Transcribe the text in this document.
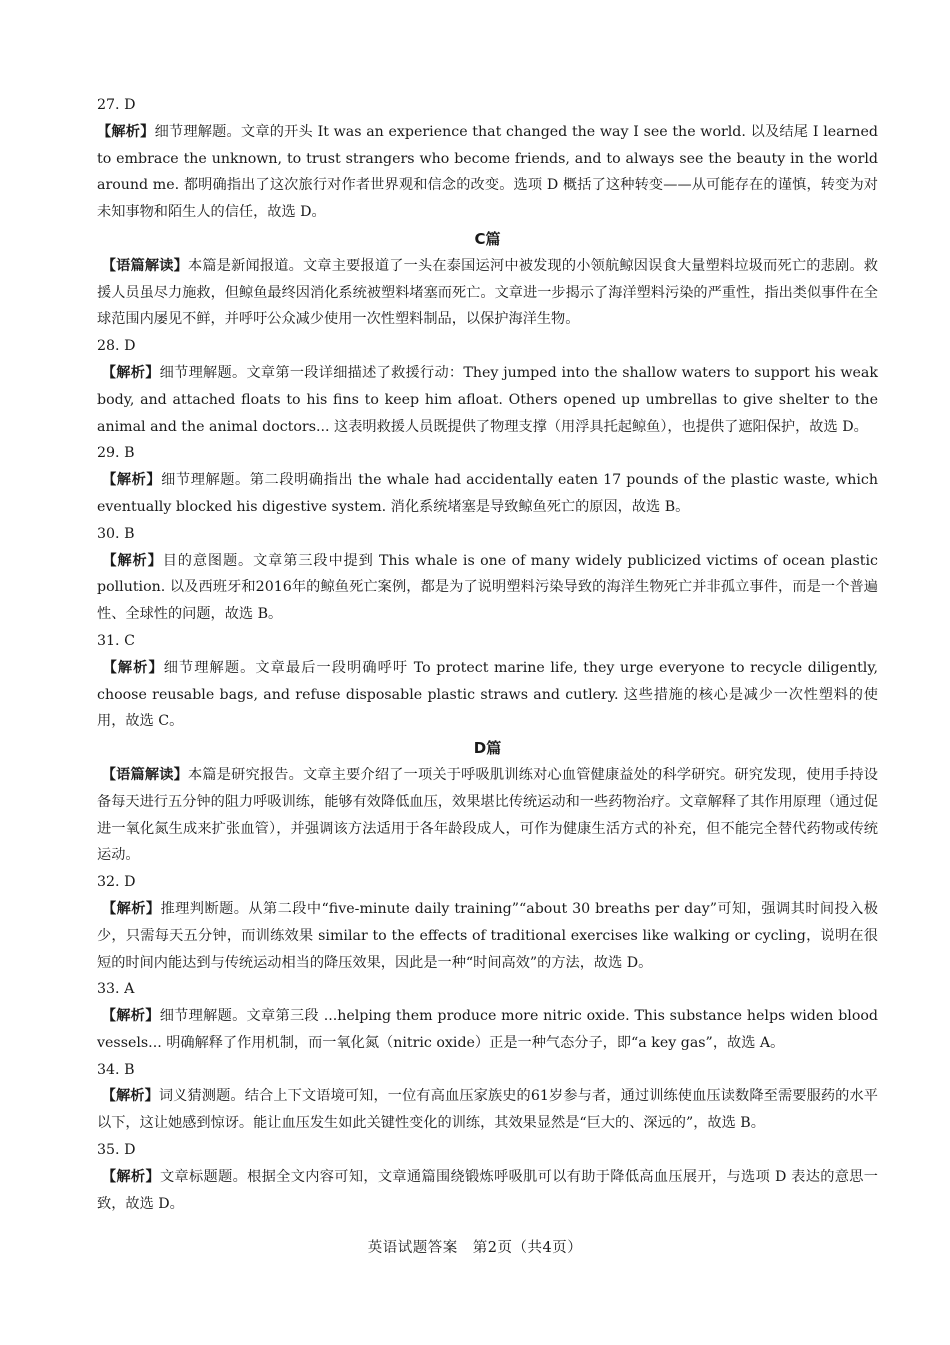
27. D

【解析】细节理解题。文章的开头 It was an experience that changed the way I see the world. 以及结尾 I learned to embrace the unknown, to trust strangers who become friends, and to always see the beauty in the world around me. 都明确指出了这次旅行对作者世界观和信念的改变。选项 D 概括了这种转变——从可能存在的谨慎，转变为对未知事物和陌生人的信任，故选 D。

C篇

【语篇解读】本篇是新闻报道。文章主要报道了一头在泰国运河中被发现的小领航鲸因误食大量塑料垃圾而死亡的悲剧。救援人员虽尽力施救，但鲸鱼最终因消化系统被塑料堵塞而死亡。文章进一步揭示了海洋塑料污染的严重性，指出类似事件在全球范围内屡见不鲜，并呼吁公众减少使用一次性塑料制品，以保护海洋生物。

28. D

【解析】细节理解题。文章第一段详细描述了救援行动：They jumped into the shallow waters to support his weak body, and attached floats to his fins to keep him afloat. Others opened up umbrellas to give shelter to the animal and the animal doctors... 这表明救援人员既提供了物理支撑（用浮具托起鲸鱼），也提供了遮阳保护，故选 D。

29. B

【解析】细节理解题。第二段明确指出 the whale had accidentally eaten 17 pounds of the plastic waste, which eventually blocked his digestive system. 消化系统堵塞是导致鲸鱼死亡的原因，故选 B。

30. B

【解析】目的意图题。文章第三段中提到 This whale is one of many widely publicized victims of ocean plastic pollution. 以及西班牙和2016年的鲸鱼死亡案例，都是为了说明塑料污染导致的海洋生物死亡并非孤立事件，而是一个普遍性、全球性的问题，故选 B。

31. C

【解析】细节理解题。文章最后一段明确呼吁 To protect marine life, they urge everyone to recycle diligently, choose reusable bags, and refuse disposable plastic straws and cutlery. 这些措施的核心是减少一次性塑料的使用，故选 C。

D篇

【语篇解读】本篇是研究报告。文章主要介绍了一项关于呼吸肌训练对心血管健康益处的科学研究。研究发现，使用手持设备每天进行五分钟的阻力呼吸训练，能够有效降低血压，效果堪比传统运动和一些药物治疗。文章解释了其作用原理（通过促进一氧化氮生成来扩张血管），并强调该方法适用于各年龄段成人，可作为健康生活方式的补充，但不能完全替代药物或传统运动。

32. D

【解析】推理判断题。从第二段中“five-minute daily training”“about 30 breaths per day”可知，强调其时间投入极少，只需每天五分钟，而训练效果 similar to the effects of traditional exercises like walking or cycling，说明在很短的时间内能达到与传统运动相当的降压效果，因此是一种“时间高效”的方法，故选 D。

33. A

【解析】细节理解题。文章第三段 ...helping them produce more nitric oxide. This substance helps widen blood vessels... 明确解释了作用机制，而一氧化氮（nitric oxide）正是一种气态分子，即“a key gas”，故选 A。

34. B

【解析】词义猜测题。结合上下文语境可知，一位有高血压家族史的61岁参与者，通过训练使血压读数降至需要服药的水平以下，这让她感到惊讶。能让血压发生如此关键性变化的训练，其效果显然是“巨大的、深远的”，故选 B。

35. D

【解析】文章标题题。根据全文内容可知，文章通篇围绕锻炼呼吸肌可以有助于降低高血压展开，与选项 D 表达的意思一致，故选 D。

英语试题答案　第2页（共4页）
